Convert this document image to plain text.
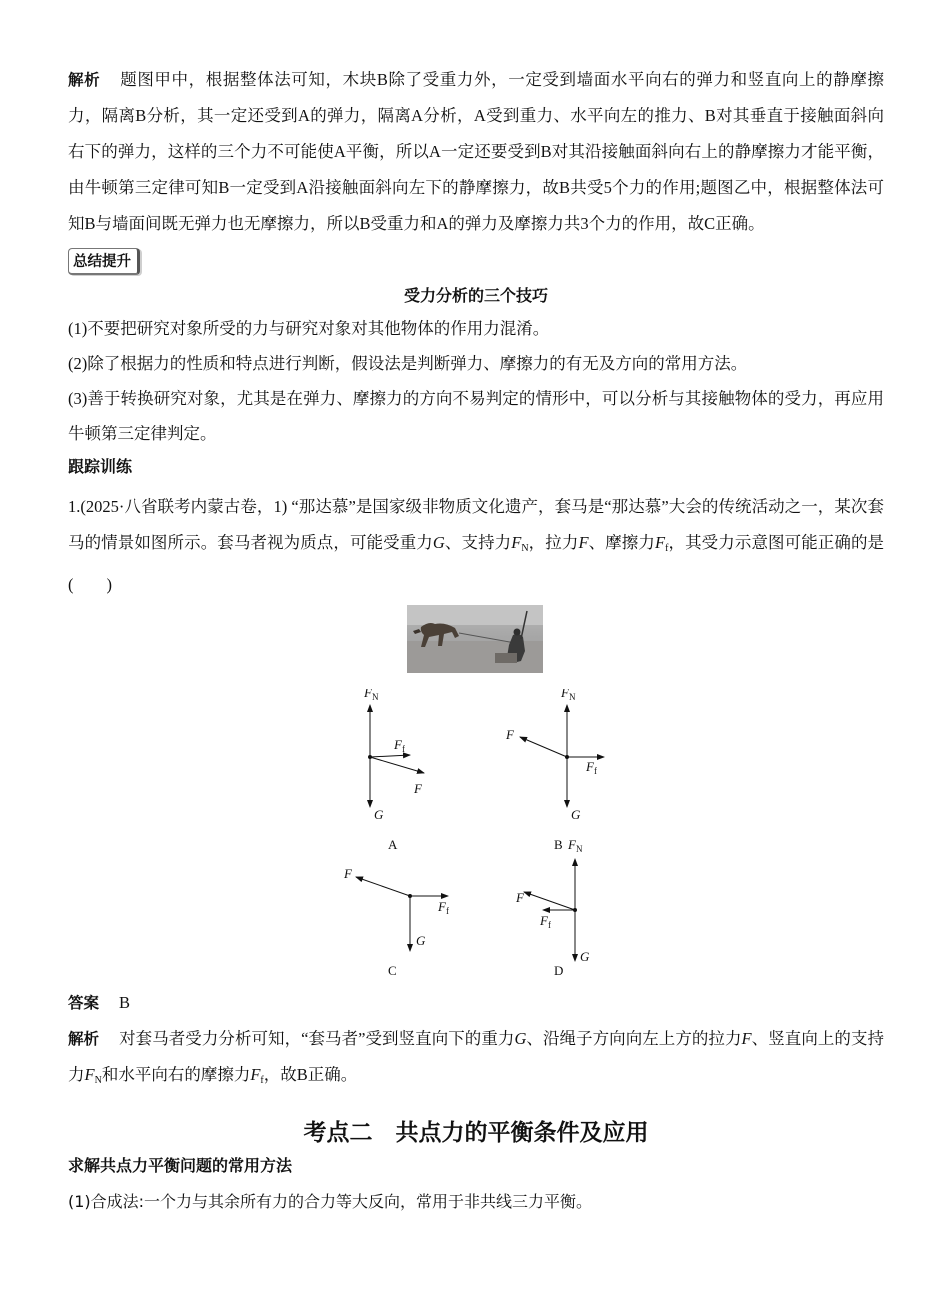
解析 题图甲中，根据整体法可知，木块B除了受重力外，一定受到墙面水平向右的弹力和竖直向上的静摩擦力，隔离B分析，其一定还受到A的弹力，隔离A分析，A受到重力、水平向左的推力、B对其垂直于接触面斜向右下的弹力，这样的三个力不可能使A平衡，所以A一定还要受到B对其沿接触面斜向右上的静摩擦力才能平衡，由牛顿第三定律可知B一定受到A沿接触面斜向左下的静摩擦力，故B共受5个力的作用;题图乙中，根据整体法可知B与墙面间既无弹力也无摩擦力，所以B受重力和A的弹力及摩擦力共3个力的作用，故C正确。

总结提升
受力分析的三个技巧

(1)不要把研究对象所受的力与研究对象对其他物体的作用力混淆。

(2)除了根据力的性质和特点进行判断，假设法是判断弹力、摩擦力的有无及方向的常用方法。

(3)善于转换研究对象，尤其是在弹力、摩擦力的方向不易判定的情形中，可以分析与其接触物体的受力，再应用牛顿第三定律判定。

跟踪训练

1.(2025·八省联考内蒙古卷，1) “那达慕”是国家级非物质文化遗产，套马是“那达慕”大会的传统活动之一，某次套马的情景如图所示。套马者视为质点，可能受重力G、支持力$F_N$，拉力F、摩擦力$F_f$，其受力示意图可能正确的是(　　)

$F_N$
$F_f$
F
G
A
$F_N$
F
$F_f$
G
B
F
$F_f$
G
C
$F_N$
F
$F_f$
G
D

答案 B

解析 对套马者受力分析可知，“套马者”受到竖直向下的重力G、沿绳子方向向左上方的拉力F、竖直向上的支持力$F_N$和水平向右的摩擦力$F_f$，故B正确。

考点二　共点力的平衡条件及应用

求解共点力平衡问题的常用方法

(1)合成法:一个力与其余所有力的合力等大反向，常用于非共线三力平衡。
